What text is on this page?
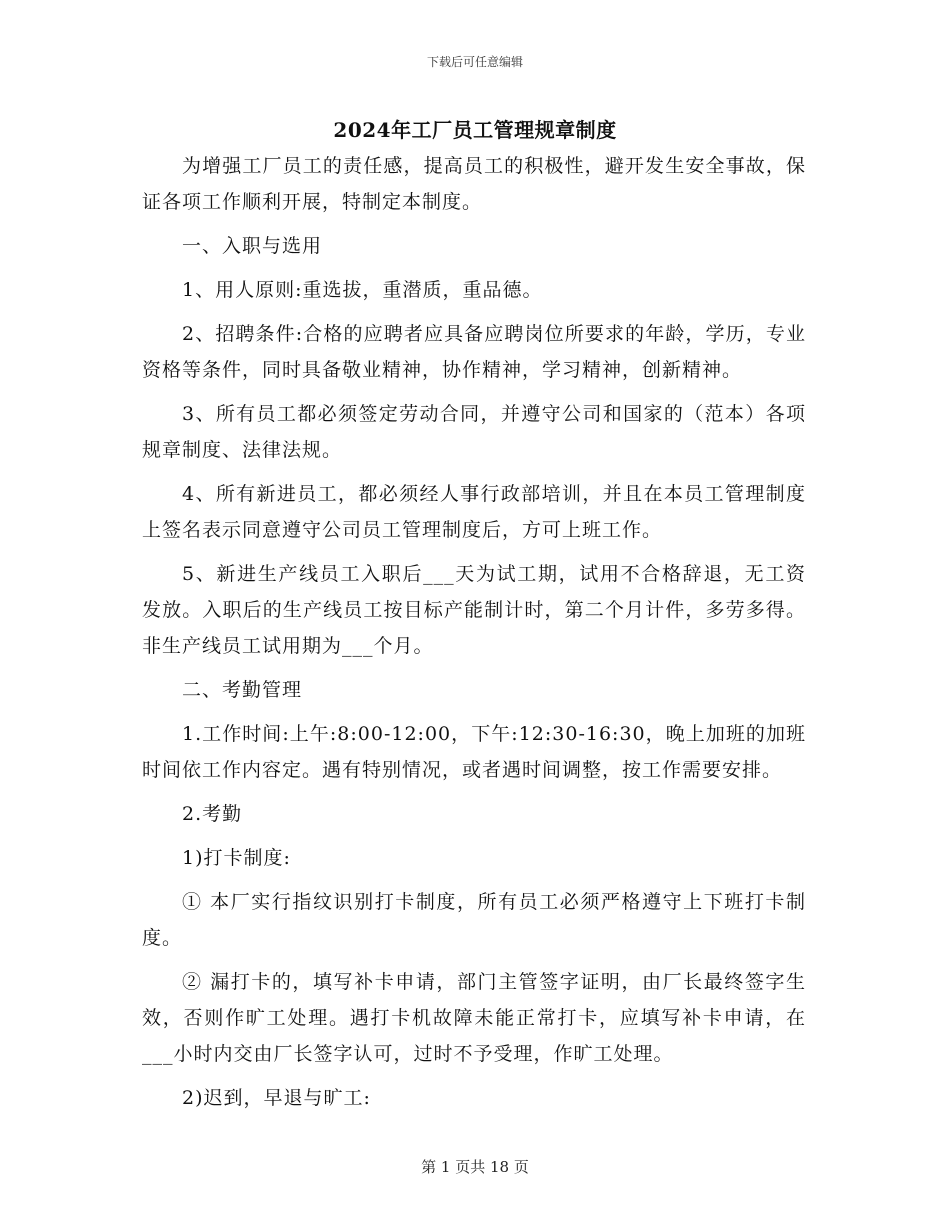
下载后可任意编辑
2024年工厂员工管理规章制度

为增强工厂员工的责任感，提高员工的积极性，避开发生安全事故，保证各项工作顺利开展，特制定本制度。

一、入职与选用

1、用人原则:重选拔，重潜质，重品德。

2、招聘条件:合格的应聘者应具备应聘岗位所要求的年龄，学历，专业资格等条件，同时具备敬业精神，协作精神，学习精神，创新精神。

3、所有员工都必须签定劳动合同，并遵守公司和国家的（范本）各项规章制度、法律法规。

4、所有新进员工，都必须经人事行政部培训，并且在本员工管理制度上签名表示同意遵守公司员工管理制度后，方可上班工作。

5、新进生产线员工入职后___天为试工期，试用不合格辞退，无工资发放。入职后的生产线员工按目标产能制计时，第二个月计件，多劳多得。非生产线员工试用期为___个月。

二、考勤管理

1.工作时间:上午:8:00-12:00，下午:12:30-16:30，晚上加班的加班时间依工作内容定。遇有特别情况，或者遇时间调整，按工作需要安排。

2.考勤

1)打卡制度:

① 本厂实行指纹识别打卡制度，所有员工必须严格遵守上下班打卡制度。

② 漏打卡的，填写补卡申请，部门主管签字证明，由厂长最终签字生效，否则作旷工处理。遇打卡机故障未能正常打卡，应填写补卡申请，在___小时内交由厂长签字认可，过时不予受理，作旷工处理。

2)迟到，早退与旷工:

第 1 页共 18 页
